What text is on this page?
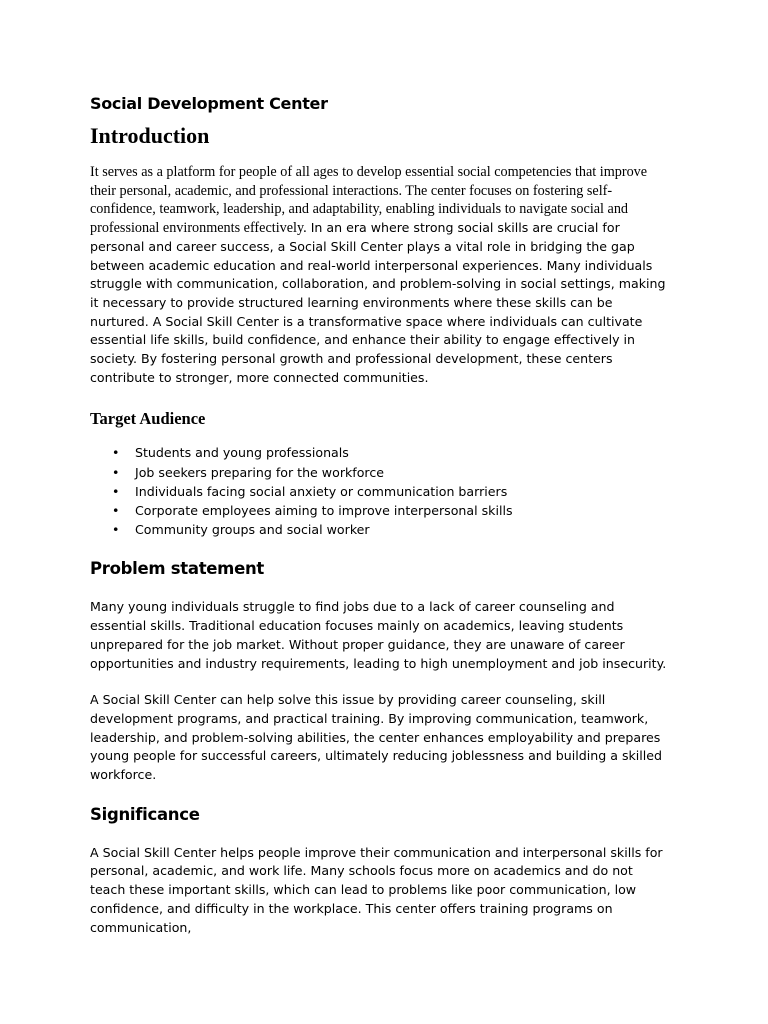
Social Development Center
Introduction

It serves as a platform for people of all ages to develop essential social competencies that improve their personal, academic, and professional interactions. The center focuses on fostering self-confidence, teamwork, leadership, and adaptability, enabling individuals to navigate social and professional environments effectively. In an era where strong social skills are crucial for personal and career success, a Social Skill Center plays a vital role in bridging the gap between academic education and real-world interpersonal experiences. Many individuals struggle with communication, collaboration, and problem-solving in social settings, making it necessary to provide structured learning environments where these skills can be nurtured. A Social Skill Center is a transformative space where individuals can cultivate essential life skills, build confidence, and enhance their ability to engage effectively in society. By fostering personal growth and professional development, these centers contribute to stronger, more connected communities.

Target Audience
• Students and young professionals
• Job seekers preparing for the workforce
• Individuals facing social anxiety or communication barriers
• Corporate employees aiming to improve interpersonal skills
• Community groups and social worker
Problem statement

Many young individuals struggle to find jobs due to a lack of career counseling and essential skills. Traditional education focuses mainly on academics, leaving students unprepared for the job market. Without proper guidance, they are unaware of career opportunities and industry requirements, leading to high unemployment and job insecurity.

A Social Skill Center can help solve this issue by providing career counseling, skill development programs, and practical training. By improving communication, teamwork, leadership, and problem-solving abilities, the center enhances employability and prepares young people for successful careers, ultimately reducing joblessness and building a skilled workforce.

Significance

A Social Skill Center helps people improve their communication and interpersonal skills for personal, academic, and work life. Many schools focus more on academics and do not teach these important skills, which can lead to problems like poor communication, low confidence, and difficulty in the workplace. This center offers training programs on communication,
